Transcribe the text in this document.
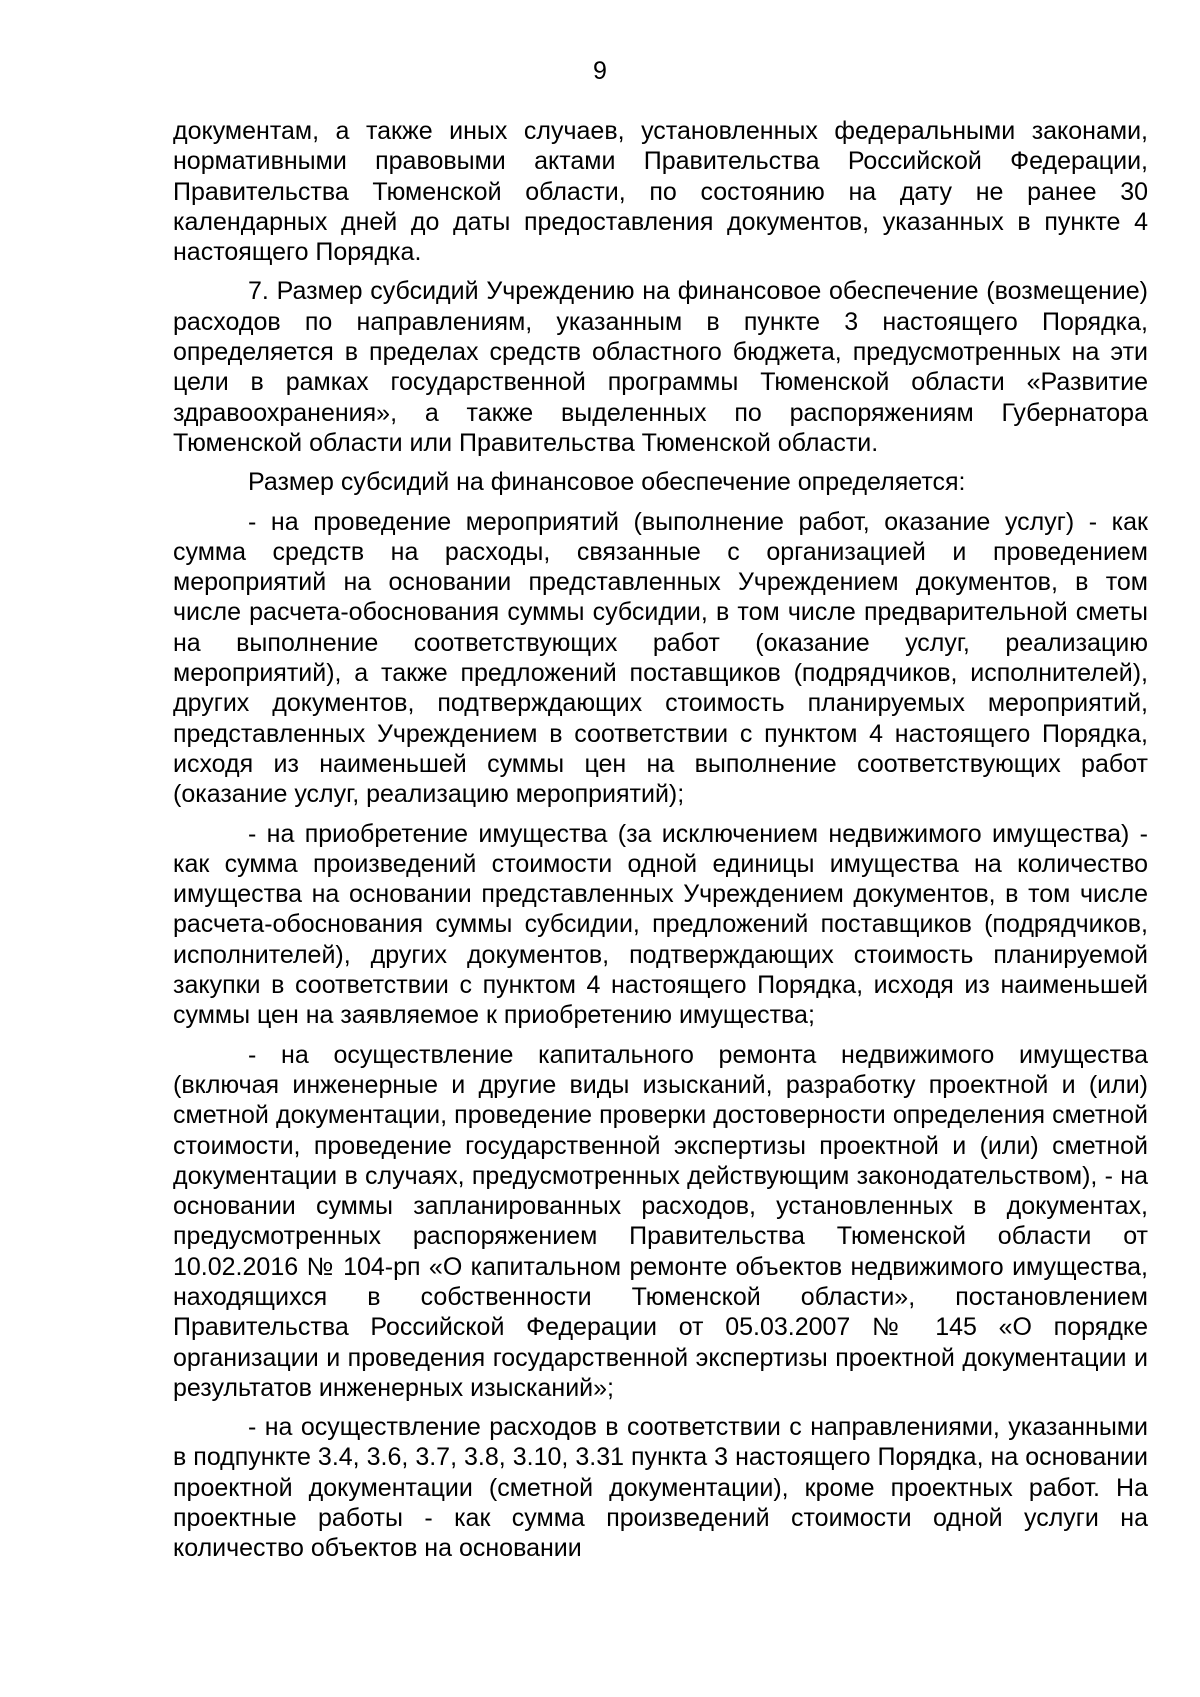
9

документам, а также иных случаев, установленных федеральными законами, нормативными правовыми актами Правительства Российской Федерации, Правительства Тюменской области, по состоянию на дату не ранее 30 календарных дней до даты предоставления документов, указанных в пункте 4 настоящего Порядка.

7. Размер субсидий Учреждению на финансовое обеспечение (возмещение) расходов по направлениям, указанным в пункте 3 настоящего Порядка, определяется в пределах средств областного бюджета, предусмотренных на эти цели в рамках государственной программы Тюменской области «Развитие здравоохранения», а также выделенных по распоряжениям Губернатора Тюменской области или Правительства Тюменской области.

Размер субсидий на финансовое обеспечение определяется:

- на проведение мероприятий (выполнение работ, оказание услуг) - как сумма средств на расходы, связанные с организацией и проведением мероприятий на основании представленных Учреждением документов, в том числе расчета-обоснования суммы субсидии, в том числе предварительной сметы на выполнение соответствующих работ (оказание услуг, реализацию мероприятий), а также предложений поставщиков (подрядчиков, исполнителей), других документов, подтверждающих стоимость планируемых мероприятий, представленных Учреждением в соответствии с пунктом 4 настоящего Порядка, исходя из наименьшей суммы цен на выполнение соответствующих работ (оказание услуг, реализацию мероприятий);

- на приобретение имущества (за исключением недвижимого имущества) - как сумма произведений стоимости одной единицы имущества на количество имущества на основании представленных Учреждением документов, в том числе расчета-обоснования суммы субсидии, предложений поставщиков (подрядчиков, исполнителей), других документов, подтверждающих стоимость планируемой закупки в соответствии с пунктом 4 настоящего Порядка, исходя из наименьшей суммы цен на заявляемое к приобретению имущества;

- на осуществление капитального ремонта недвижимого имущества (включая инженерные и другие виды изысканий, разработку проектной и (или) сметной документации, проведение проверки достоверности определения сметной стоимости, проведение государственной экспертизы проектной и (или) сметной документации в случаях, предусмотренных действующим законодательством), - на основании суммы запланированных расходов, установленных в документах, предусмотренных распоряжением Правительства Тюменской области от 10.02.2016 № 104-рп «О капитальном ремонте объектов недвижимого имущества, находящихся в собственности Тюменской области», постановлением Правительства Российской Федерации от 05.03.2007 № 145 «О порядке организации и проведения государственной экспертизы проектной документации и результатов инженерных изысканий»;

- на осуществление расходов в соответствии с направлениями, указанными в подпункте 3.4, 3.6, 3.7, 3.8, 3.10, 3.31 пункта 3 настоящего Порядка, на основании проектной документации (сметной документации), кроме проектных работ. На проектные работы - как сумма произведений стоимости одной услуги на количество объектов на основании
